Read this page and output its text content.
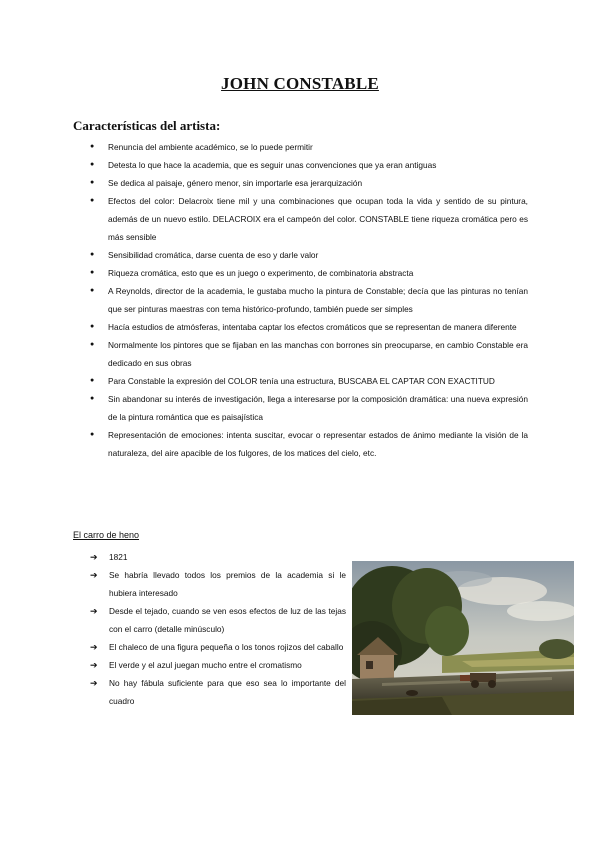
JOHN CONSTABLE
Características del artista:
● Renuncia del ambiente académico, se lo puede permitir
● Detesta lo que hace la academia, que es seguir unas convenciones que ya eran antiguas
● Se dedica al paisaje, género menor, sin importarle esa jerarquización
● Efectos del color: Delacroix tiene mil y una combinaciones que ocupan toda la vida y sentido de su pintura, además de un nuevo estilo. DELACROIX era el campeón del color. CONSTABLE tiene riqueza cromática pero es más sensible
● Sensibilidad cromática, darse cuenta de eso y darle valor
● Riqueza cromática, esto que es un juego o experimento, de combinatoria abstracta
● A Reynolds, director de la academia, le gustaba mucho la pintura de Constable; decía que las pinturas no tenían que ser pinturas maestras con tema histórico-profundo, también puede ser simples
● Hacía estudios de atmósferas, intentaba captar los efectos cromáticos que se representan de manera diferente
● Normalmente los pintores que se fijaban en las manchas con borrones sin preocuparse, en cambio Constable era dedicado en sus obras
● Para Constable la expresión del COLOR tenía una estructura, BUSCABA EL CAPTAR CON EXACTITUD
● Sin abandonar su interés de investigación, llega a interesarse por la composición dramática: una nueva expresión de la pintura romántica que es paisajística
● Representación de emociones: intenta suscitar, evocar o representar estados de ánimo mediante la visión de la naturaleza, del aire apacible de los fulgores, de los matices del cielo, etc.
El carro de heno
➔ 1821
➔ Se habría llevado todos los premios de la academia si le hubiera interesado
➔ Desde el tejado, cuando se ven esos efectos de luz de las tejas con el carro (detalle minúsculo)
➔ El chaleco de una figura pequeña o los tonos rojizos del caballo
➔ El verde y el azul juegan mucho entre el cromatismo
➔ No hay fábula suficiente para que eso sea lo importante del cuadro
